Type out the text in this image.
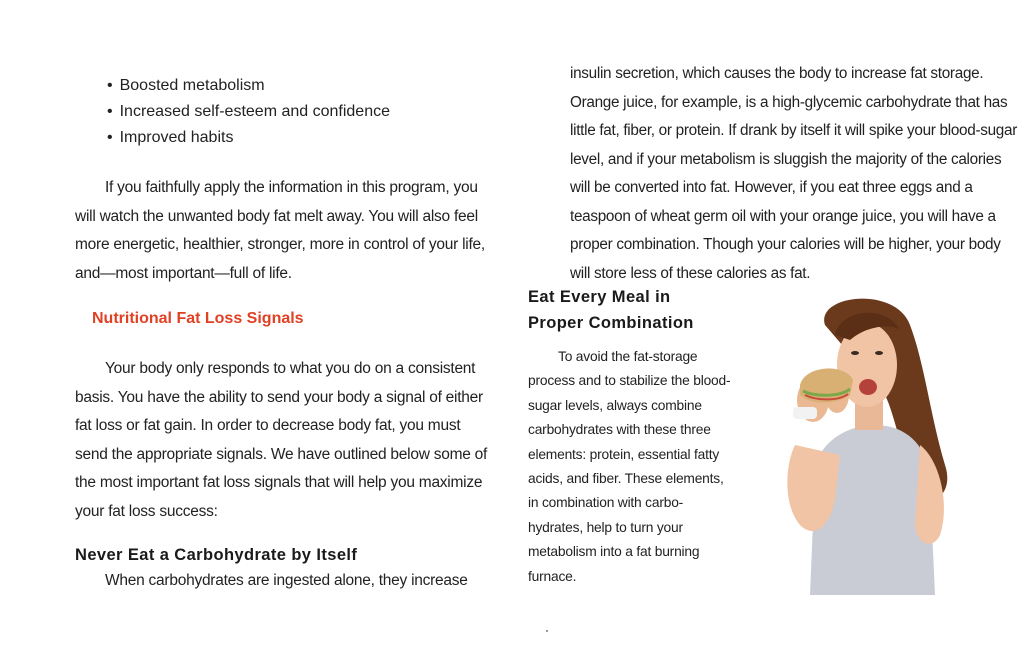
• Boosted metabolism
• Increased self-esteem and confidence
• Improved habits

If you faithfully apply the information in this program, you will watch the unwanted body fat melt away. You will also feel more energetic, healthier, stronger, more in control of your life, and—most important—full of life.

Nutritional Fat Loss Signals

Your body only responds to what you do on a consistent basis. You have the ability to send your body a signal of either fat loss or fat gain. In order to decrease body fat, you must send the appropriate signals. We have outlined below some of the most important fat loss signals that will help you maximize your fat loss success:

Never Eat a Carbohydrate by Itself

When carbohydrates are ingested alone, they increase

insulin secretion, which causes the body to increase fat storage. Orange juice, for example, is a high-glycemic carbohydrate that has little fat, fiber, or protein. If drank by itself it will spike your blood-sugar level, and if your metabolism is sluggish the majority of the calories will be converted into fat. However, if you eat three eggs and a teaspoon of wheat germ oil with your orange juice, you will have a proper combination. Though your calories will be higher, your body will store less of these calories as fat.

Eat Every Meal in
Proper Combination

To avoid the fat-storage process and to stabilize the blood-sugar levels, always combine carbohydrates with these three elements: protein, essential fatty acids, and fiber. These elements, in combination with carbo-hydrates, help to turn your metabolism into a fat burning furnace.
